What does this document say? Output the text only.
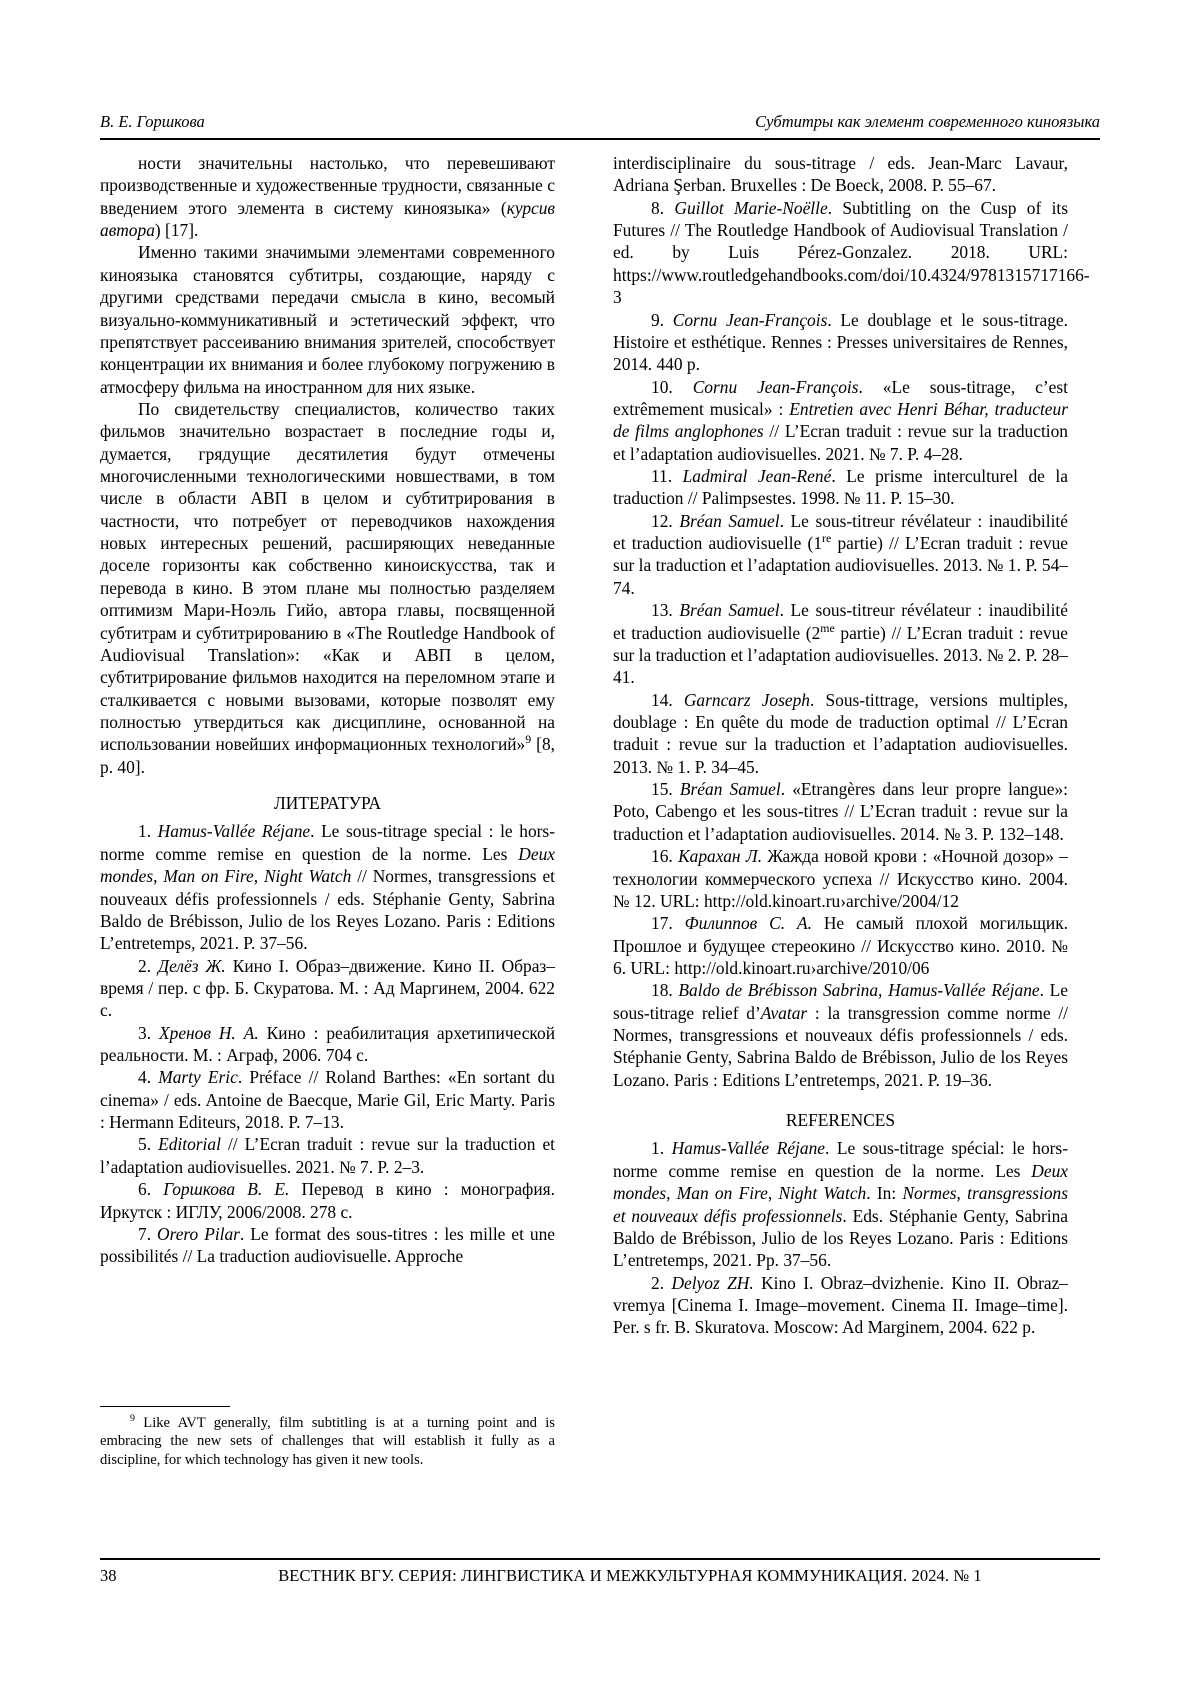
В. Е. Горшкова	Субтитры как элемент современного киноязыка

ности значительны настолько, что перевешивают производственные и художественные трудности, связанные с введением этого элемента в систему киноязыка» (курсив автора) [17].

Именно такими значимыми элементами современного киноязыка становятся субтитры, создающие, наряду с другими средствами передачи смысла в кино, весомый визуально-коммуникативный и эстетический эффект, что препятствует рассеиванию внимания зрителей, способствует концентрации их внимания и более глубокому погружению в атмосферу фильма на иностранном для них языке.

По свидетельству специалистов, количество таких фильмов значительно возрастает в последние годы и, думается, грядущие десятилетия будут отмечены многочисленными технологическими новшествами, в том числе в области АВП в целом и субтитрирования в частности, что потребует от переводчиков нахождения новых интересных решений, расширяющих неведанные доселе горизонты как собственно киноискусства, так и перевода в кино. В этом плане мы полностью разделяем оптимизм Мари-Ноэль Гийо, автора главы, посвященной субтитрам и субтитрированию в «The Routledge Handbook of Audiovisual Translation»: «Как и АВП в целом, субтитрирование фильмов находится на переломном этапе и сталкивается с новыми вызовами, которые позволят ему полностью утвердиться как дисциплине, основанной на использовании новейших информационных технологий»$^9$ [8, p. 40].

ЛИТЕРАТУРА

1. Hamus-Vallée Réjane. Le sous-titrage special : le hors-norme comme remise en question de la norme. Les Deux mondes, Man on Fire, Night Watch // Normes, transgressions et nouveaux défis professionnels / eds. Stéphanie Genty, Sabrina Baldo de Brébisson, Julio de los Reyes Lozano. Paris : Editions L’entretemps, 2021. P. 37–56.

2. Делёз Ж. Кино I. Образ–движение. Кино II. Образ–время / пер. с фр. Б. Скуратова. М. : Ад Маргинем, 2004. 622 с.

3. Хренов Н. А. Кино : реабилитация архетипической реальности. М. : Аграф, 2006. 704 с.

4. Marty Eric. Préface // Roland Barthes: «En sortant du cinema» / eds. Antoine de Baecque, Marie Gil, Eric Marty. Paris : Hermann Editeurs, 2018. P. 7–13.

5. Editorial // L’Ecran traduit : revue sur la traduction et l’adaptation audiovisuelles. 2021. № 7. P. 2–3.

6. Горшкова В. Е. Перевод в кино : монография. Иркутск : ИГЛУ, 2006/2008. 278 с.

7. Orero Pilar. Le format des sous-titres : les mille et une possibilités // La traduction audiovisuelle. Approche

interdisciplinaire du sous-titrage / eds. Jean-Marc Lavaur, Adriana Şerban. Bruxelles : De Boeck, 2008. P. 55–67.

8. Guillot Marie-Noëlle. Subtitling on the Cusp of its Futures // The Routledge Handbook of Audiovisual Translation / ed. by Luis Pérez-Gonzalez. 2018. URL: https://www.routledgehandbooks.com/doi/10.4324/9781315717166-3

9. Cornu Jean-François. Le doublage et le sous-titrage. Histoire et esthétique. Rennes : Presses universitaires de Rennes, 2014. 440 p.

10. Cornu Jean-François. «Le sous-titrage, c’est extrêmement musical» : Entretien avec Henri Béhar, traducteur de films anglophones // L’Ecran traduit : revue sur la traduction et l’adaptation audiovisuelles. 2021. № 7. P. 4–28.

11. Ladmiral Jean-René. Le prisme interculturel de la traduction // Palimpsestes. 1998. № 11. P. 15–30.

12. Bréan Samuel. Le sous-titreur révélateur : inaudibilité et traduction audiovisuelle (1re partie) // L’Ecran traduit : revue sur la traduction et l’adaptation audiovisuelles. 2013. № 1. P. 54–74.

13. Bréan Samuel. Le sous-titreur révélateur : inaudibilité et traduction audiovisuelle ($2^{me}$ partie) // L’Ecran traduit : revue sur la traduction et l’adaptation audiovisuelles. 2013. № 2. P. 28–41.

14. Garncarz Joseph. Sous-tittrage, versions multiples, doublage : En quête du mode de traduction optimal // L’Ecran traduit : revue sur la traduction et l’adaptation audiovisuelles. 2013. № 1. P. 34–45.

15. Bréan Samuel. «Etrangères dans leur propre langue»: Poto, Cabengo et les sous-titres // L’Ecran traduit : revue sur la traduction et l’adaptation audiovisuelles. 2014. № 3. P. 132–148.

16. Карахан Л. Жажда новой крови : «Ночной дозор» – технологии коммерческого успеха // Искусство кино. 2004. № 12. URL: http://old.kinoart.ru›archive/2004/12

17. Филиппов С. А. Не самый плохой могильщик. Прошлое и будущее стереокино // Искусство кино. 2010. № 6. URL: http://old.kinoart.ru›archive/2010/06

18. Baldo de Brébisson Sabrina, Hamus-Vallée Réjane. Le sous-titrage relief d’Avatar : la transgression comme norme // Normes, transgressions et nouveaux défis professionnels / eds. Stéphanie Genty, Sabrina Baldo de Brébisson, Julio de los Reyes Lozano. Paris : Editions L’entretemps, 2021. P. 19–36.

REFERENCES

1. Hamus-Vallée Réjane. Le sous-titrage spécial: le hors-norme comme remise en question de la norme. Les Deux mondes, Man on Fire, Night Watch. In: Normes, transgressions et nouveaux défis professionnels. Eds. Stéphanie Genty, Sabrina Baldo de Brébisson, Julio de los Reyes Lozano. Paris : Editions L’entretemps, 2021. Pp. 37–56.

2. Delyoz ZH. Kino I. Obraz–dvizhenie. Kino II. Obraz–vremya [Cinema I. Image–movement. Cinema II. Image–time]. Per. s fr. B. Skuratova. Moscow: Ad Marginem, 2004. 622 p.

$^9$ Like AVT generally, film subtitling is at a turning point and is embracing the new sets of challenges that will establish it fully as a discipline, for which technology has given it new tools.
38	ВЕСТНИК ВГУ. СЕРИЯ: ЛИНГВИСТИКА И МЕЖКУЛЬТУРНАЯ КОММУНИКАЦИЯ. 2024. № 1
